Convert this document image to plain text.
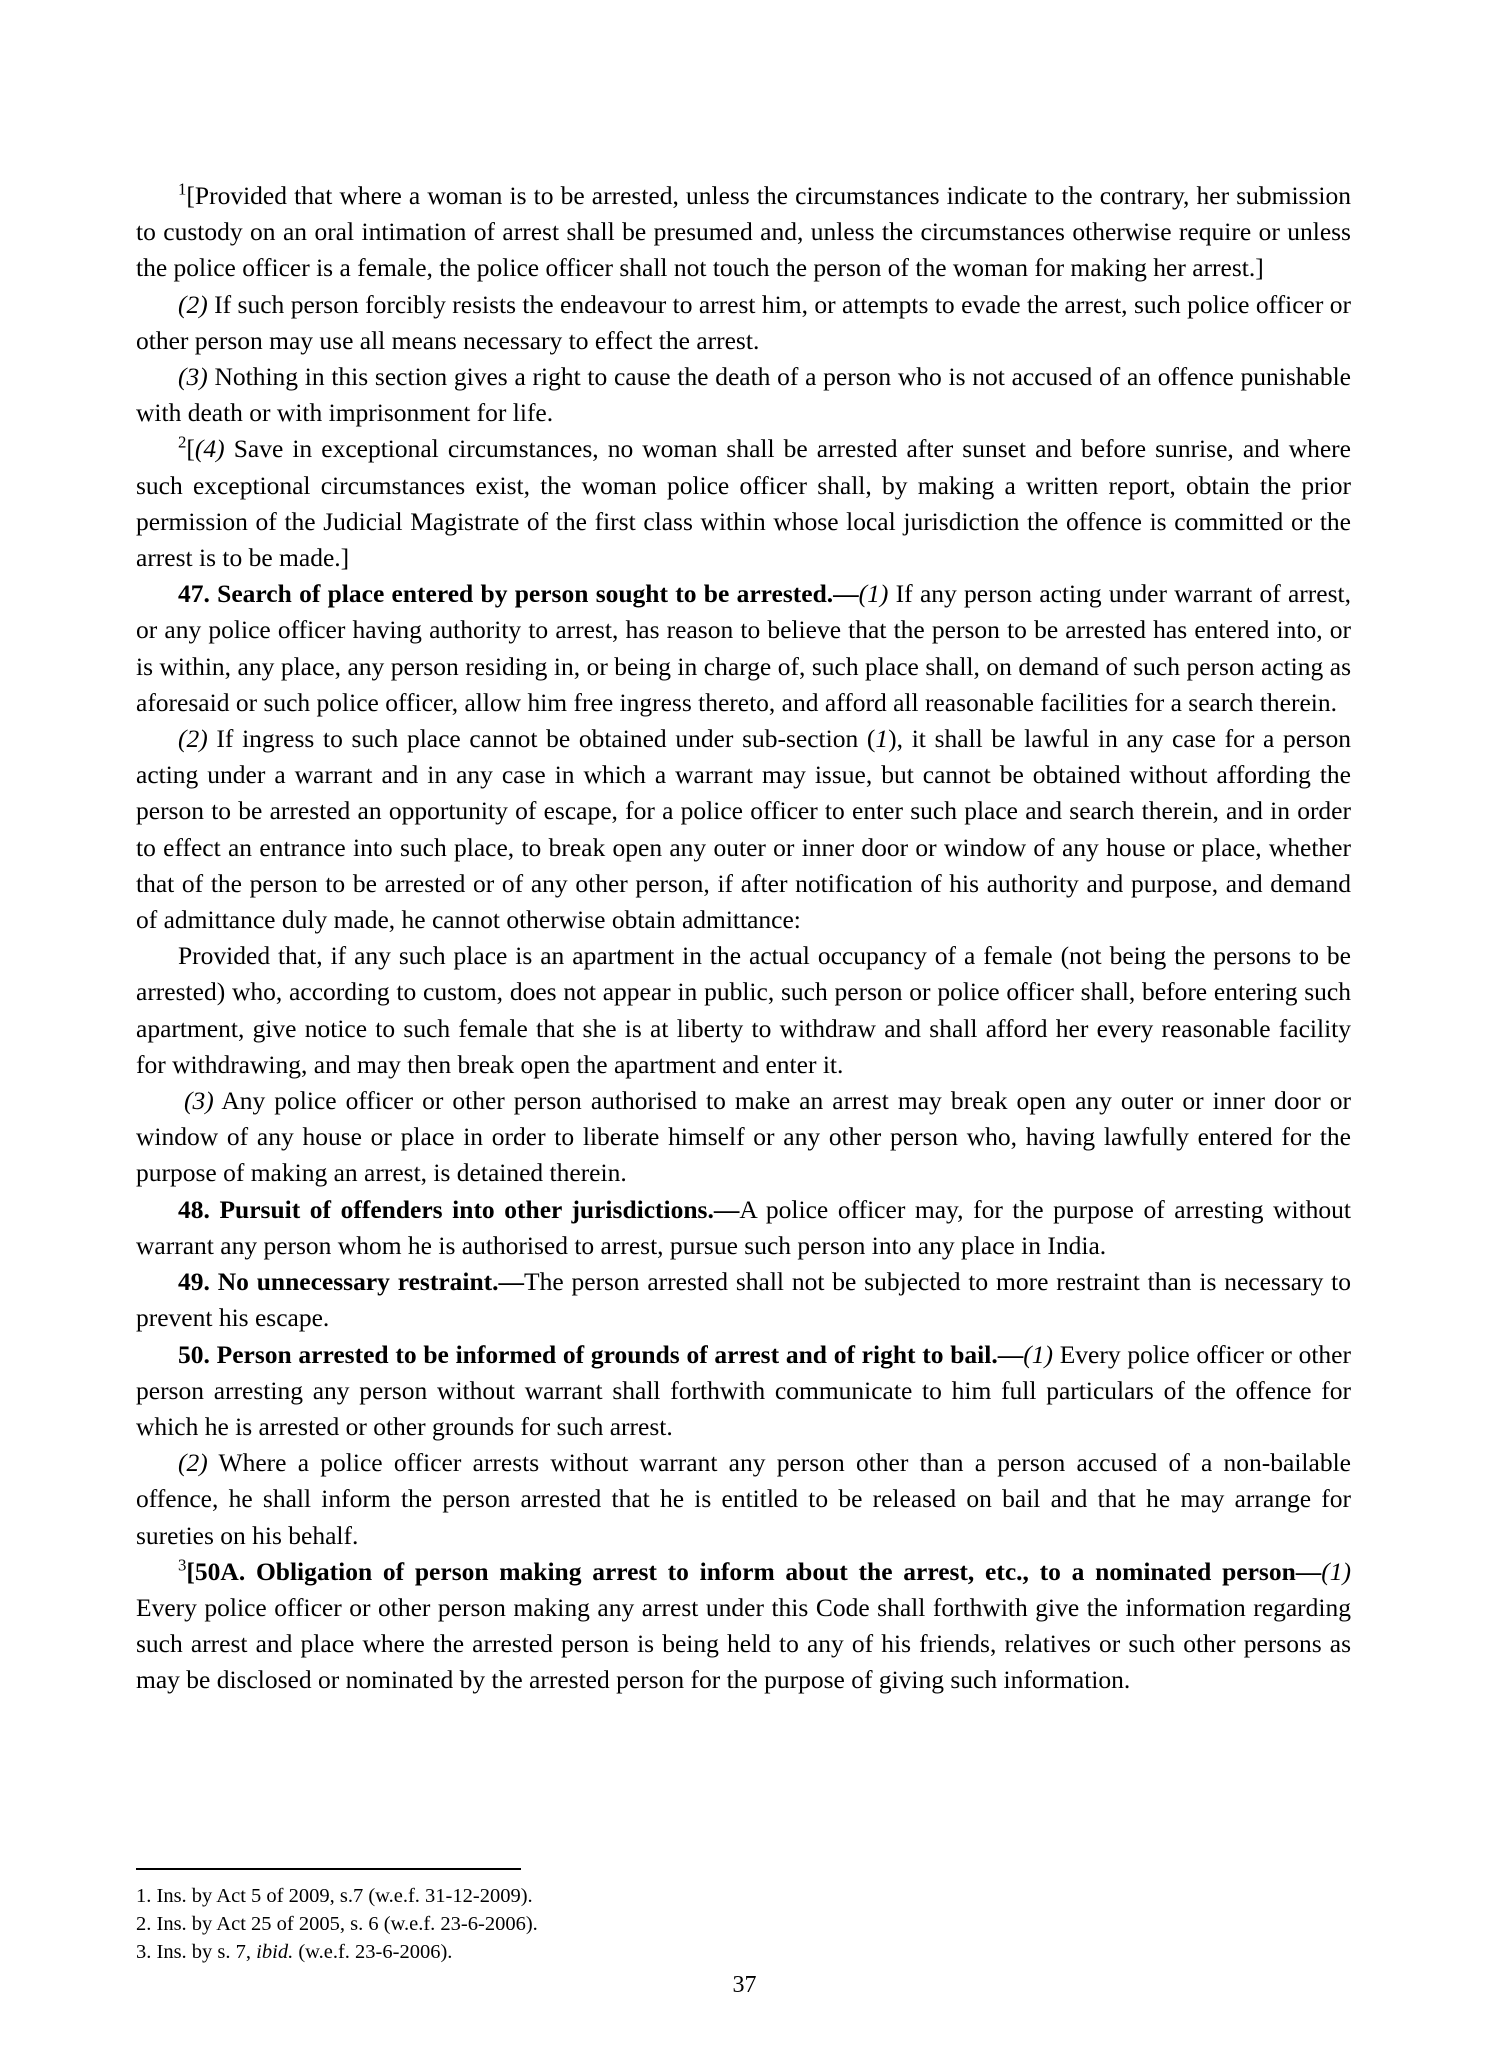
$^1$[Provided that where a woman is to be arrested, unless the circumstances indicate to the contrary, her submission to custody on an oral intimation of arrest shall be presumed and, unless the circumstances otherwise require or unless the police officer is a female, the police officer shall not touch the person of the woman for making her arrest.]

(2) If such person forcibly resists the endeavour to arrest him, or attempts to evade the arrest, such police officer or other person may use all means necessary to effect the arrest.

(3) Nothing in this section gives a right to cause the death of a person who is not accused of an offence punishable with death or with imprisonment for life.

$^2$[(4) Save in exceptional circumstances, no woman shall be arrested after sunset and before sunrise, and where such exceptional circumstances exist, the woman police officer shall, by making a written report, obtain the prior permission of the Judicial Magistrate of the first class within whose local jurisdiction the offence is committed or the arrest is to be made.]

47. Search of place entered by person sought to be arrested.—(1) If any person acting under warrant of arrest, or any police officer having authority to arrest, has reason to believe that the person to be arrested has entered into, or is within, any place, any person residing in, or being in charge of, such place shall, on demand of such person acting as aforesaid or such police officer, allow him free ingress thereto, and afford all reasonable facilities for a search therein.

(2) If ingress to such place cannot be obtained under sub-section (1), it shall be lawful in any case for a person acting under a warrant and in any case in which a warrant may issue, but cannot be obtained without affording the person to be arrested an opportunity of escape, for a police officer to enter such place and search therein, and in order to effect an entrance into such place, to break open any outer or inner door or window of any house or place, whether that of the person to be arrested or of any other person, if after notification of his authority and purpose, and demand of admittance duly made, he cannot otherwise obtain admittance:

Provided that, if any such place is an apartment in the actual occupancy of a female (not being the persons to be arrested) who, according to custom, does not appear in public, such person or police officer shall, before entering such apartment, give notice to such female that she is at liberty to withdraw and shall afford her every reasonable facility for withdrawing, and may then break open the apartment and enter it.

(3) Any police officer or other person authorised to make an arrest may break open any outer or inner door or window of any house or place in order to liberate himself or any other person who, having lawfully entered for the purpose of making an arrest, is detained therein.

48. Pursuit of offenders into other jurisdictions.—A police officer may, for the purpose of arresting without warrant any person whom he is authorised to arrest, pursue such person into any place in India.

49. No unnecessary restraint.—The person arrested shall not be subjected to more restraint than is necessary to prevent his escape.

50. Person arrested to be informed of grounds of arrest and of right to bail.—(1) Every police officer or other person arresting any person without warrant shall forthwith communicate to him full particulars of the offence for which he is arrested or other grounds for such arrest.

(2) Where a police officer arrests without warrant any person other than a person accused of a non-bailable offence, he shall inform the person arrested that he is entitled to be released on bail and that he may arrange for sureties on his behalf.

$^3$[50A. Obligation of person making arrest to inform about the arrest, etc., to a nominated person—(1) Every police officer or other person making any arrest under this Code shall forthwith give the information regarding such arrest and place where the arrested person is being held to any of his friends, relatives or such other persons as may be disclosed or nominated by the arrested person for the purpose of giving such information.

1. Ins. by Act 5 of 2009, s.7 (w.e.f. 31-12-2009).

2. Ins. by Act 25 of 2005, s. 6 (w.e.f. 23-6-2006).

3. Ins. by s. 7, ibid. (w.e.f. 23-6-2006).

37
